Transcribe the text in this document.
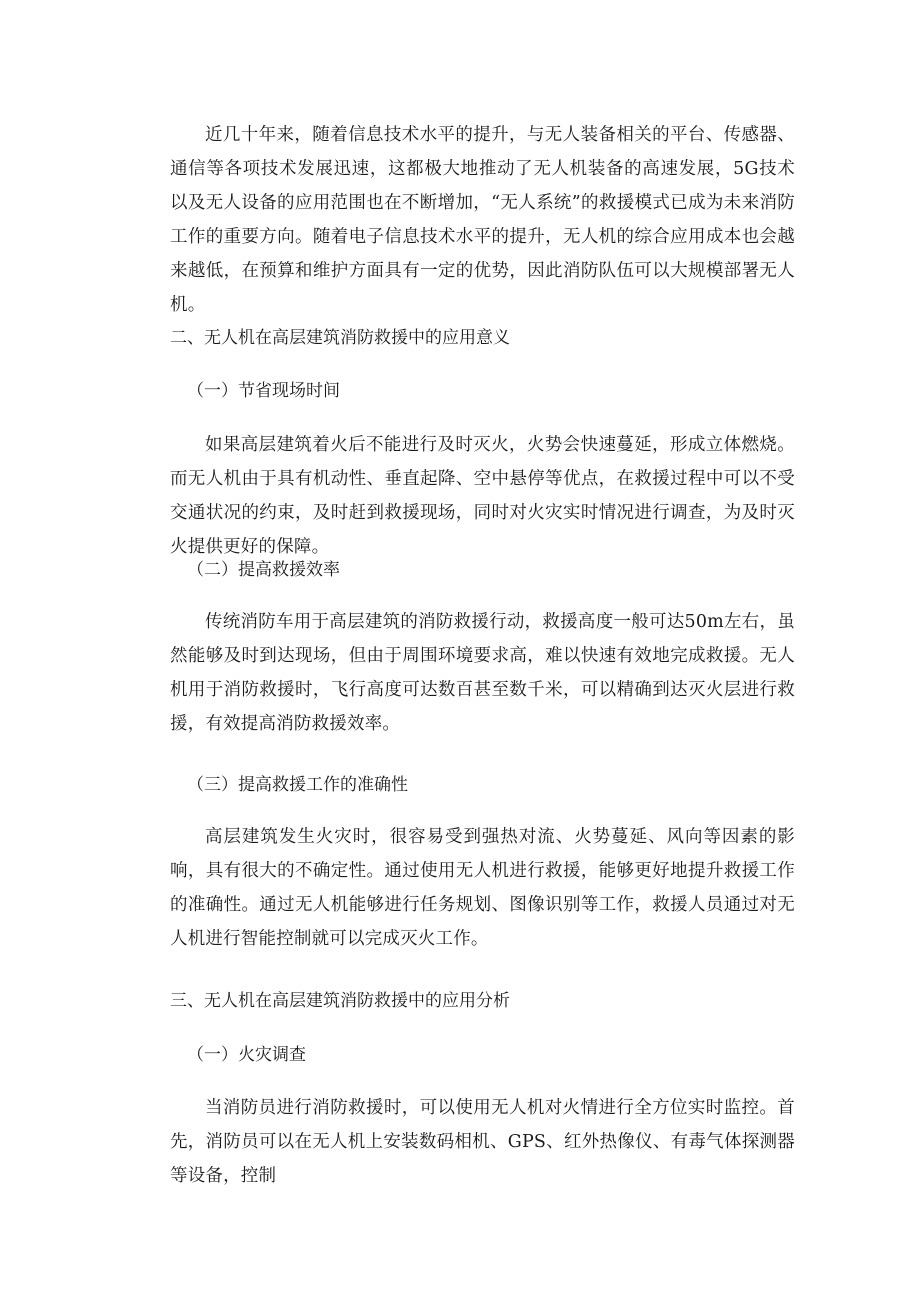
近几十年来，随着信息技术水平的提升，与无人装备相关的平台、传感器、通信等各项技术发展迅速，这都极大地推动了无人机装备的高速发展，5G技术以及无人设备的应用范围也在不断增加，“无人系统”的救援模式已成为未来消防工作的重要方向。随着电子信息技术水平的提升，无人机的综合应用成本也会越来越低，在预算和维护方面具有一定的优势，因此消防队伍可以大规模部署无人机。

二、无人机在高层建筑消防救援中的应用意义
（一）节省现场时间

如果高层建筑着火后不能进行及时灭火，火势会快速蔓延，形成立体燃烧。而无人机由于具有机动性、垂直起降、空中悬停等优点，在救援过程中可以不受交通状况的约束，及时赶到救援现场，同时对火灾实时情况进行调查，为及时灭火提供更好的保障。

（二）提高救援效率

传统消防车用于高层建筑的消防救援行动，救援高度一般可达50m左右，虽然能够及时到达现场，但由于周围环境要求高，难以快速有效地完成救援。无人机用于消防救援时，飞行高度可达数百甚至数千米，可以精确到达灭火层进行救援，有效提高消防救援效率。

（三）提高救援工作的准确性

高层建筑发生火灾时，很容易受到强热对流、火势蔓延、风向等因素的影响，具有很大的不确定性。通过使用无人机进行救援，能够更好地提升救援工作的准确性。通过无人机能够进行任务规划、图像识别等工作，救援人员通过对无人机进行智能控制就可以完成灭火工作。

三、无人机在高层建筑消防救援中的应用分析
（一）火灾调查

当消防员进行消防救援时，可以使用无人机对火情进行全方位实时监控。首先，消防员可以在无人机上安装数码相机、GPS、红外热像仪、有毒气体探测器等设备，控制
